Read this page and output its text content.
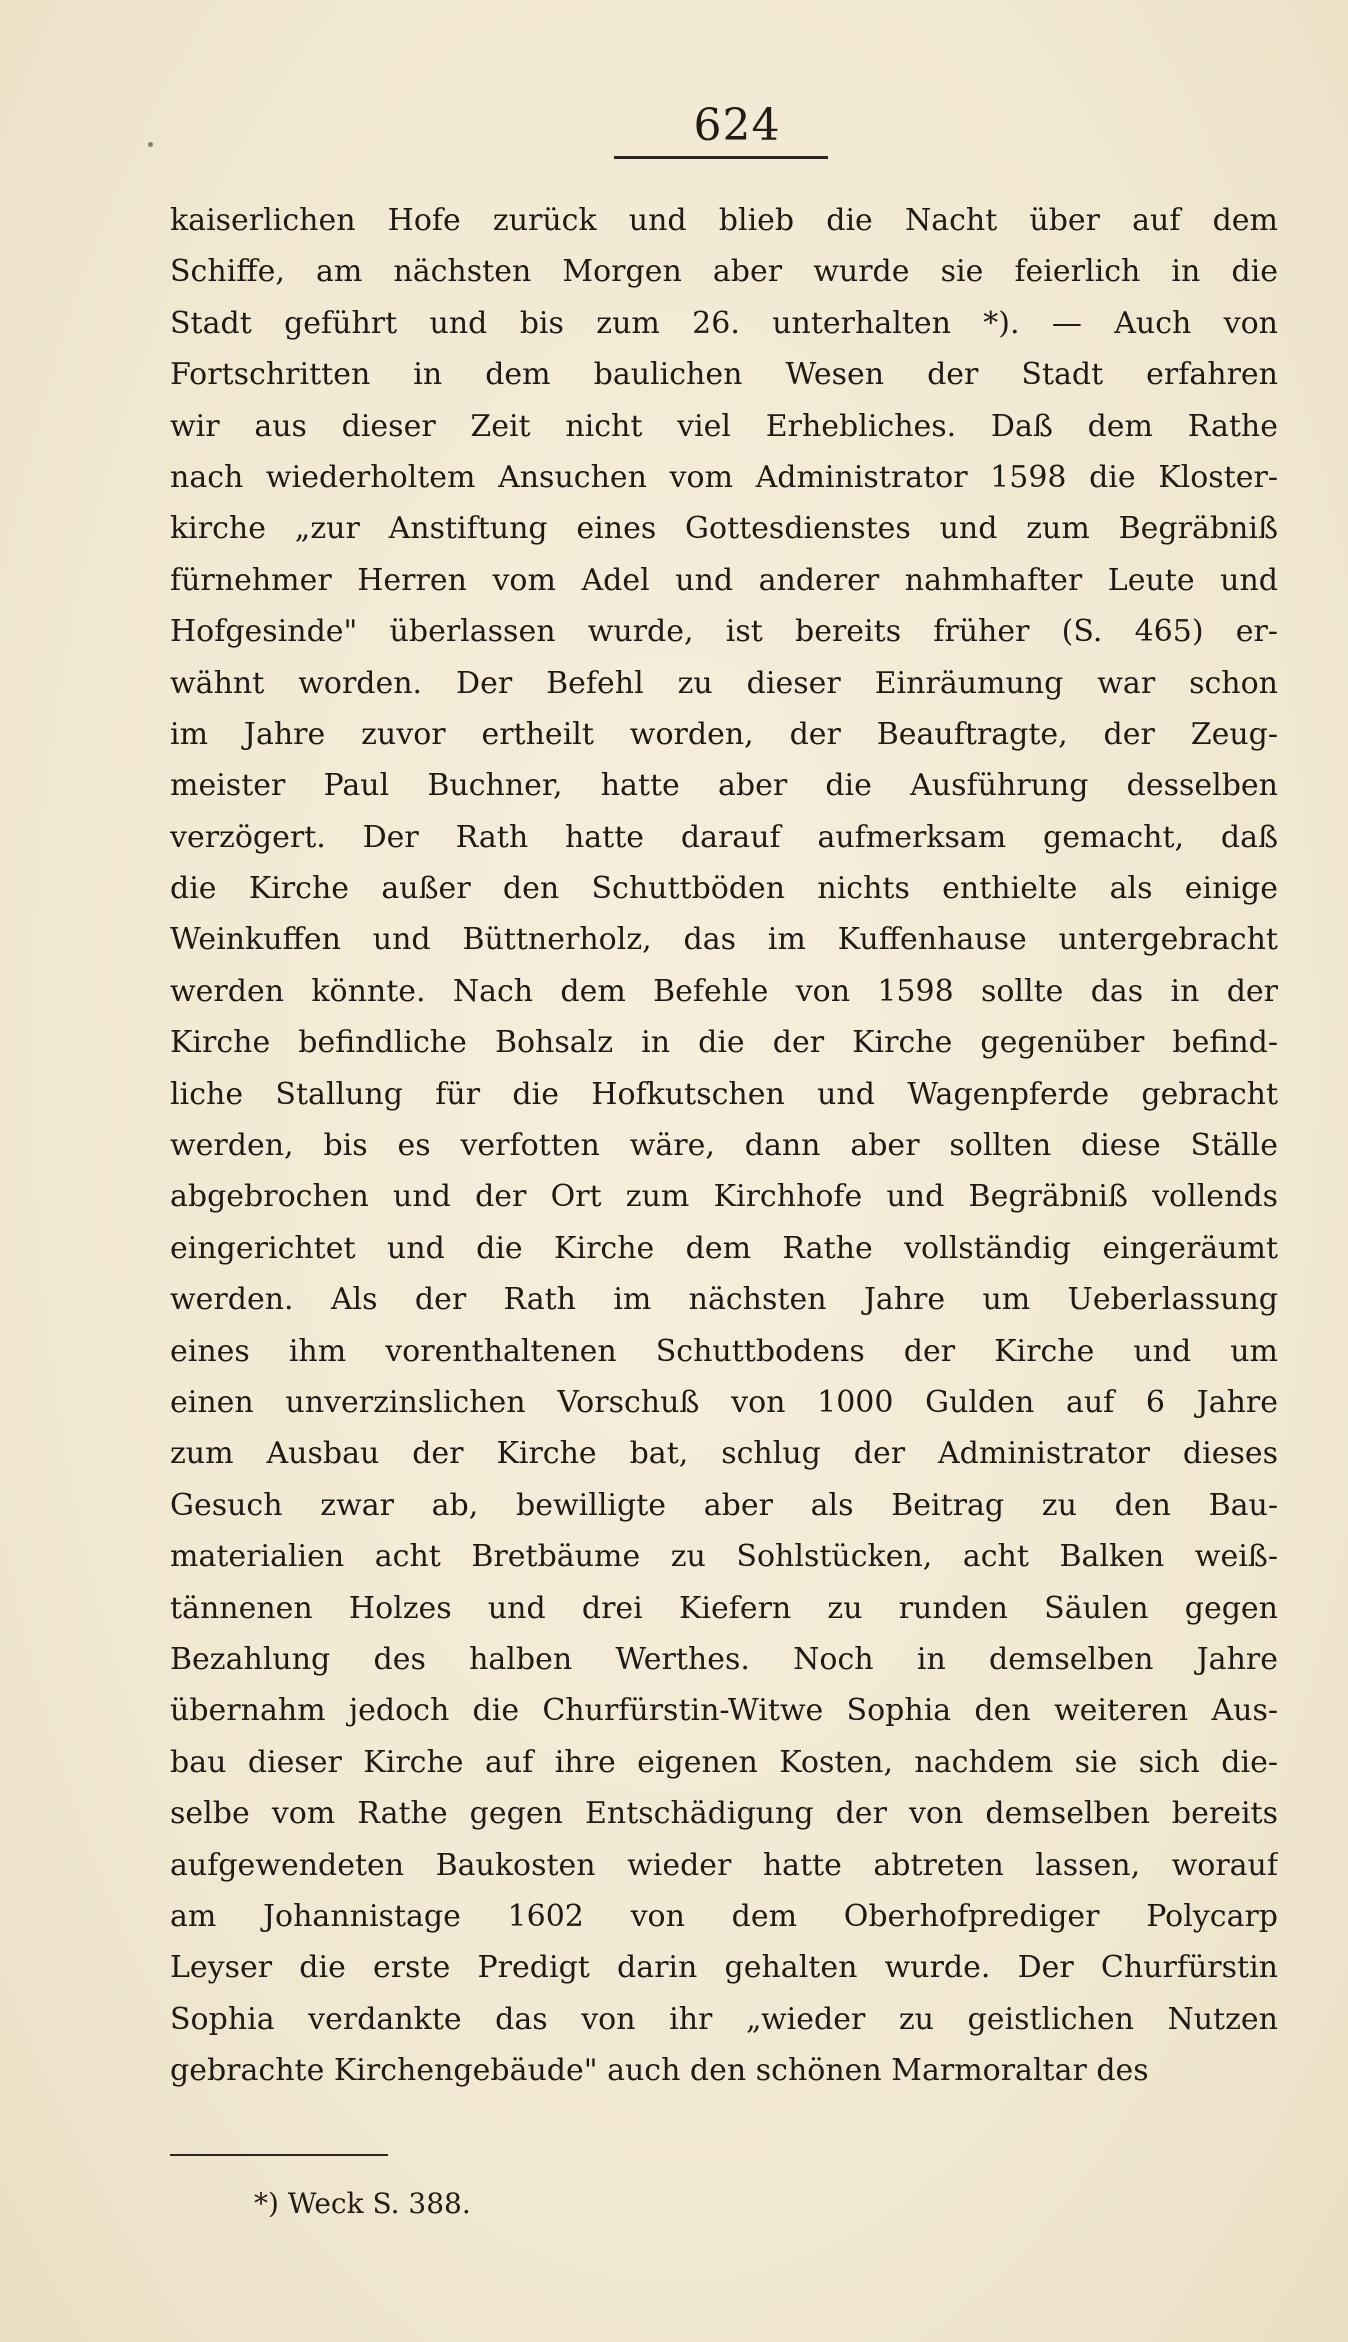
624
kaiserlichen Hofe zurück und blieb die Nacht über auf dem
Schiffe, am nächsten Morgen aber wurde sie feierlich in die
Stadt geführt und bis zum 26. unterhalten *). — Auch von
Fortschritten in dem baulichen Wesen der Stadt erfahren
wir aus dieser Zeit nicht viel Erhebliches. Daß dem Rathe
nach wiederholtem Ansuchen vom Administrator 1598 die Kloster-
kirche „zur Anstiftung eines Gottesdienstes und zum Begräbniß
fürnehmer Herren vom Adel und anderer nahmhafter Leute und
Hofgesinde" überlassen wurde, ist bereits früher (S. 465) er-
wähnt worden. Der Befehl zu dieser Einräumung war schon
im Jahre zuvor ertheilt worden, der Beauftragte, der Zeug-
meister Paul Buchner, hatte aber die Ausführung desselben
verzögert. Der Rath hatte darauf aufmerksam gemacht, daß
die Kirche außer den Schuttböden nichts enthielte als einige
Weinkuffen und Büttnerholz, das im Kuffenhause untergebracht
werden könnte. Nach dem Befehle von 1598 sollte das in der
Kirche befindliche Bohsalz in die der Kirche gegenüber befind-
liche Stallung für die Hofkutschen und Wagenpferde gebracht
werden, bis es verfotten wäre, dann aber sollten diese Ställe
abgebrochen und der Ort zum Kirchhofe und Begräbniß vollends
eingerichtet und die Kirche dem Rathe vollständig eingeräumt
werden. Als der Rath im nächsten Jahre um Ueberlassung
eines ihm vorenthaltenen Schuttbodens der Kirche und um
einen unverzinslichen Vorschuß von 1000 Gulden auf 6 Jahre
zum Ausbau der Kirche bat, schlug der Administrator dieses
Gesuch zwar ab, bewilligte aber als Beitrag zu den Bau-
materialien acht Bretbäume zu Sohlstücken, acht Balken weiß-
tännenen Holzes und drei Kiefern zu runden Säulen gegen
Bezahlung des halben Werthes. Noch in demselben Jahre
übernahm jedoch die Churfürstin-Witwe Sophia den weiteren Aus-
bau dieser Kirche auf ihre eigenen Kosten, nachdem sie sich die-
selbe vom Rathe gegen Entschädigung der von demselben bereits
aufgewendeten Baukosten wieder hatte abtreten lassen, worauf
am Johannistage 1602 von dem Oberhofprediger Polycarp
Leyser die erste Predigt darin gehalten wurde. Der Churfürstin
Sophia verdankte das von ihr „wieder zu geistlichen Nutzen
gebrachte Kirchengebäude" auch den schönen Marmoraltar des
*) Weck S. 388.
